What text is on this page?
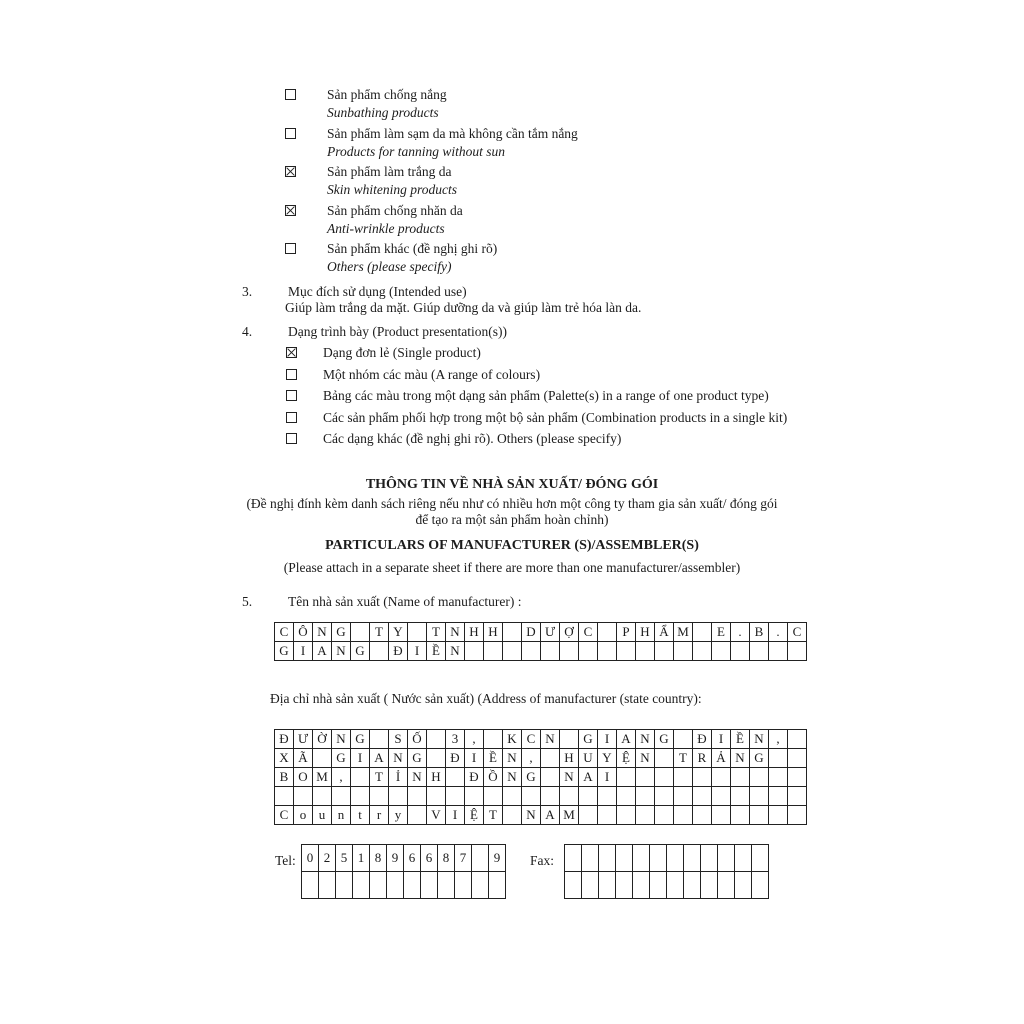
Sản phẩm chống nắng
Sunbathing products
Sản phẩm làm sạm da mà không cần tắm nắng
Products for tanning without sun
Sản phẩm làm trắng da
Skin whitening products
Sản phẩm chống nhăn da
Anti-wrinkle products
Sản phẩm khác (đề nghị ghi rõ)
Others (please specify)
3.	Mục đích sử dụng (Intended use)
Giúp làm trắng da mặt. Giúp dưỡng da và giúp làm trẻ hóa làn da.
4.	Dạng trình bày (Product presentation(s))
Dạng đơn lẻ (Single product)
Một nhóm các màu (A range of colours)
Bảng các màu trong một dạng sản phẩm (Palette(s) in a range of one product type)
Các sản phẩm phối hợp trong một bộ sản phẩm (Combination products in a single kit)
Các dạng khác (đề nghị ghi rõ). Others (please specify)
THÔNG TIN VỀ NHÀ SẢN XUẤT/ ĐÓNG GÓI
(Đề nghị đính kèm danh sách riêng nếu như có nhiều hơn một công ty tham gia sản xuất/ đóng gói
để tạo ra một sản phẩm hoàn chỉnh)
PARTICULARS OF MANUFACTURER (S)/ASSEMBLER(S)
(Please attach in a separate sheet if there are more than one manufacturer/assembler)
5.	Tên nhà sản xuất (Name of manufacturer) :
C	Ô	N	G		T	Y		T	N	H	H		D	Ư	Ợ	C		P	H	Ẩ	M		E	.	B	.	C
G	I	A	N	G		Đ	I	Ề	N																		
Địa chỉ nhà sản xuất ( Nước sản xuất) (Address of manufacturer (state country):
Đ	Ư	Ờ	N	G		S	Ố		3	,		K	C	N		G	I	A	N	G		Đ	I	Ề	N	,	
X	Ã		G	I	A	N	G		Đ	I	Ề	N	,		H	U	Y	Ệ	N		T	R	Ả	N	G		
B	O	M	,		T	Ỉ	N	H		Đ	Ồ	N	G		N	A	I										

C	o	u	n	t	r	y		V	I	Ệ	T		N	A	M												
Tel: 0	2	5	1	8	9	6	6	8	7		9
											Fax:
